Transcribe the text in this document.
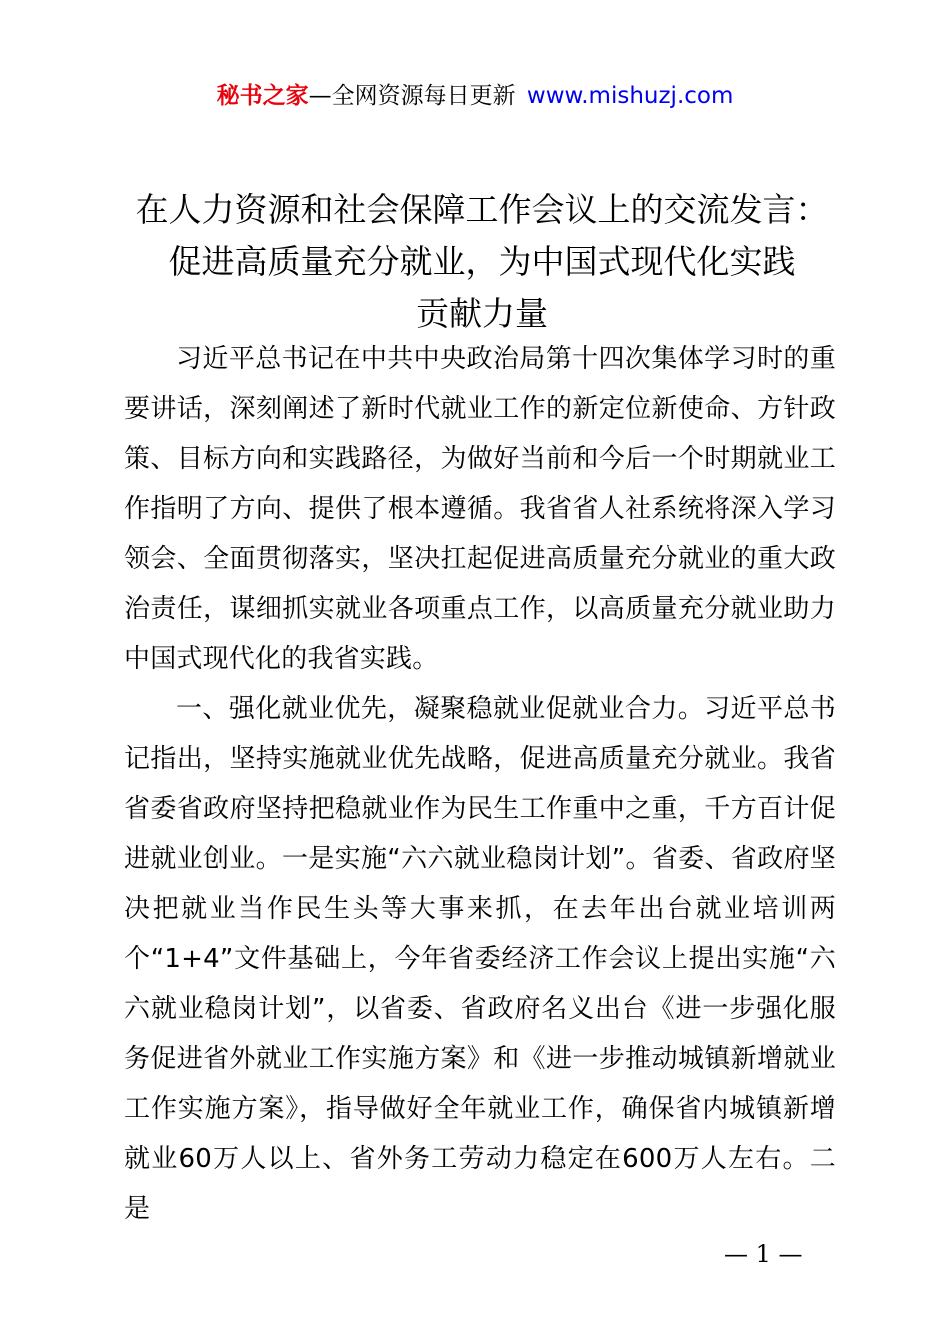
秘书之家—全网资源每日更新 www.mishuzj.com
在人力资源和社会保障工作会议上的交流发言：
促进高质量充分就业，为中国式现代化实践
贡献力量

习近平总书记在中共中央政治局第十四次集体学习时的重要讲话，深刻阐述了新时代就业工作的新定位新使命、方针政策、目标方向和实践路径，为做好当前和今后一个时期就业工作指明了方向、提供了根本遵循。我省省人社系统将深入学习领会、全面贯彻落实，坚决扛起促进高质量充分就业的重大政治责任，谋细抓实就业各项重点工作，以高质量充分就业助力中国式现代化的我省实践。

一、强化就业优先，凝聚稳就业促就业合力。习近平总书记指出，坚持实施就业优先战略，促进高质量充分就业。我省省委省政府坚持把稳就业作为民生工作重中之重，千方百计促进就业创业。一是实施“六六就业稳岗计划”。省委、省政府坚决把就业当作民生头等大事来抓，在去年出台就业培训两个“1+4”文件基础上，今年省委经济工作会议上提出实施“六六就业稳岗计划”，以省委、省政府名义出台《进一步强化服务促进省外就业工作实施方案》和《进一步推动城镇新增就业工作实施方案》，指导做好全年就业工作，确保省内城镇新增就业60万人以上、省外务工劳动力稳定在600万人左右。二是

— 1 —
